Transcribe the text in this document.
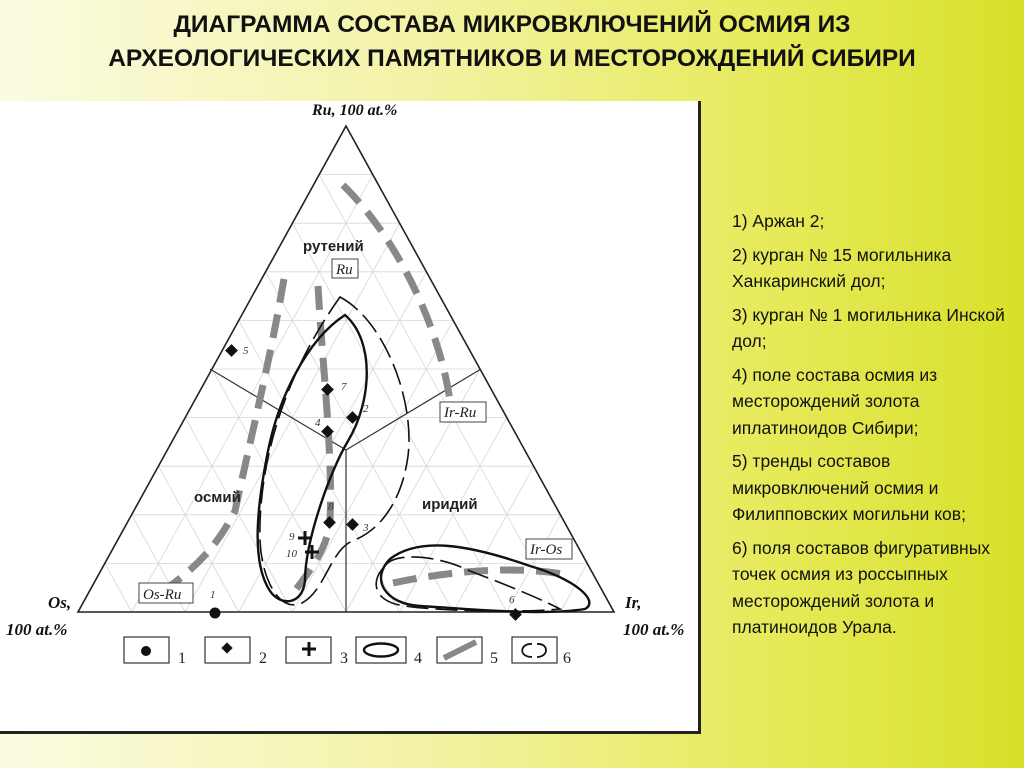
ДИАГРАММА СОСТАВА МИКРОВКЛЮЧЕНИЙ ОСМИЯ ИЗ
АРХЕОЛОГИЧЕСКИХ ПАМЯТНИКОВ И МЕСТОРОЖДЕНИЙ СИБИРИ
Ru, 100 at.%
Os,
100 at.%
Ir,
100 at.%
рутений
осмий	иридий
Ru
Ir-Ru
Ir-Os
Os-Ru	1
2
3
4
5
6
7
8
9
10
1	2	3	4	5	6
1) Аржан 2;
2) курган № 15 могильника Ханкаринский дол;
3) курган № 1 могильника Инской дол;
4) поле состава осмия из месторождений золота иплатиноидов Сибири;
5) тренды составов микровключений осмия и Филипповских могильни ков;
6) поля составов фигуративных точек осмия из россыпных месторождений золота и платиноидов Урала.
